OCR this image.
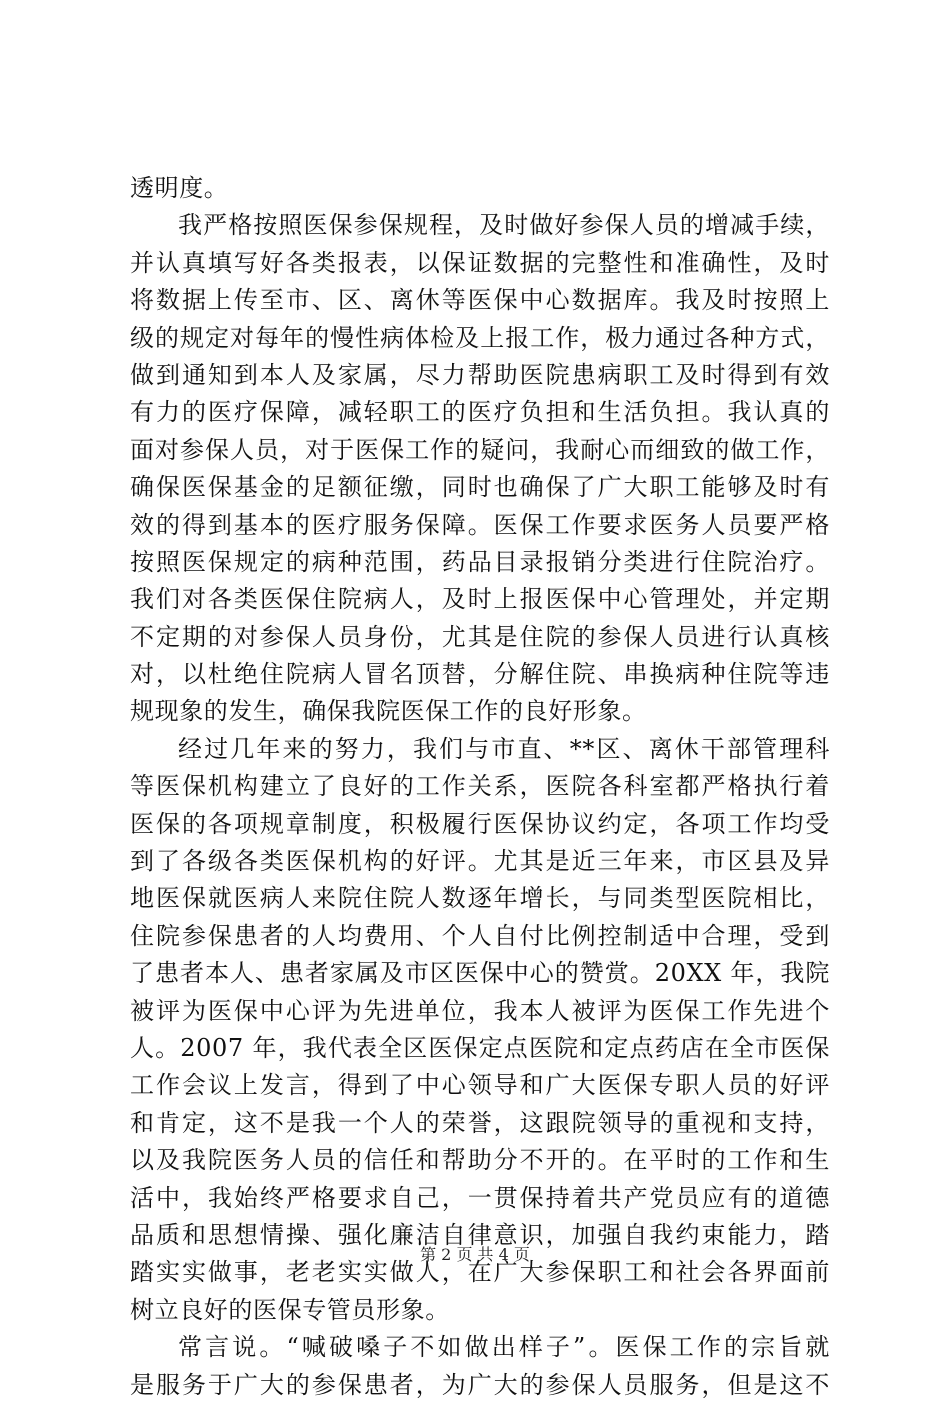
透明度。
我严格按照医保参保规程，及时做好参保人员的增减手续，
并认真填写好各类报表，以保证数据的完整性和准确性，及时
将数据上传至市、区、离休等医保中心数据库。我及时按照上
级的规定对每年的慢性病体检及上报工作，极力通过各种方式，
做到通知到本人及家属，尽力帮助医院患病职工及时得到有效
有力的医疗保障，减轻职工的医疗负担和生活负担。我认真的
面对参保人员，对于医保工作的疑问，我耐心而细致的做工作，
确保医保基金的足额征缴，同时也确保了广大职工能够及时有
效的得到基本的医疗服务保障。医保工作要求医务人员要严格
按照医保规定的病种范围，药品目录报销分类进行住院治疗。
我们对各类医保住院病人，及时上报医保中心管理处，并定期
不定期的对参保人员身份，尤其是住院的参保人员进行认真核
对，以杜绝住院病人冒名顶替，分解住院、串换病种住院等违
规现象的发生，确保我院医保工作的良好形象。
经过几年来的努力，我们与市直、**区、离休干部管理科
等医保机构建立了良好的工作关系，医院各科室都严格执行着
医保的各项规章制度，积极履行医保协议约定，各项工作均受
到了各级各类医保机构的好评。尤其是近三年来，市区县及异
地医保就医病人来院住院人数逐年增长，与同类型医院相比，
住院参保患者的人均费用、个人自付比例控制适中合理，受到
了患者本人、患者家属及市区医保中心的赞赏。20XX 年，我院
被评为医保中心评为先进单位，我本人被评为医保工作先进个
人。2007 年，我代表全区医保定点医院和定点药店在全市医保
工作会议上发言，得到了中心领导和广大医保专职人员的好评
和肯定，这不是我一个人的荣誉，这跟院领导的重视和支持，
以及我院医务人员的信任和帮助分不开的。在平时的工作和生
活中，我始终严格要求自己，一贯保持着共产党员应有的道德
品质和思想情操、强化廉洁自律意识，加强自我约束能力，踏
踏实实做事，老老实实做人，在广大参保职工和社会各界面前
树立良好的医保专管员形象。
常言说。“喊破嗓子不如做出样子”。医保工作的宗旨就
是服务于广大的参保患者，为广大的参保人员服务，但是这不
第 2 页 共 4 页
